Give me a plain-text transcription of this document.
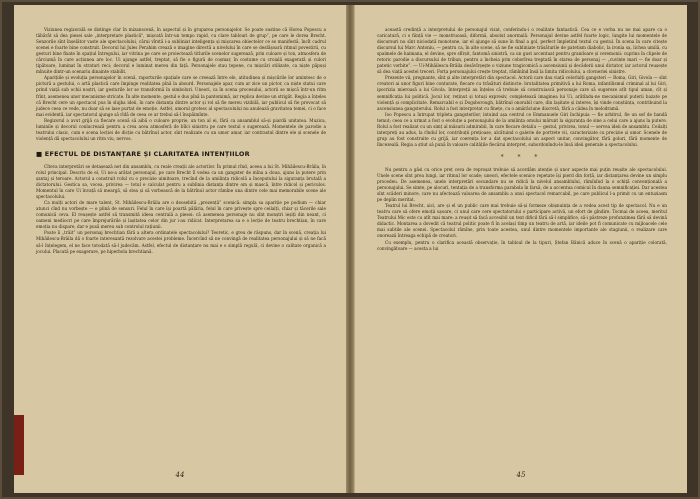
Viziunea regizorală se distinge clar în mizanscenă, în aspectul și în gruparea personajelor. Se poate sustine că Horea Popescu a tăbărât să dea piesei sale „interpretare plastică", mișcată într-un tempo rapid, cu clare tablouri de grup”, pe care le dorea Brecht. Senzorile sînt înșelător vaste ale spectacolului, cărui vîrstă i-a subliniat inteligența și mișcarea obiectelor ce se manifestă, încît cadrul scenei e foarte bine construit. Decorul lui Jules Perahim crează o imagine directă a nivelului în care se desfășoară ritmul povestirii, cu gesturi bine fixate în spațiul întregului, iar vitrina pe care se proiectează titlurile scenelor sugerează, prin culoare și ton, atmosfera de cârciumă în care acțiunea are loc. Ui ajunge astfel, treptat, să fie o figură de coșmar, în costume cu croială exagerată și culori țipătoare, luminat în straturi reci; decorul e luminat mereu din față. Personajele stau țepene, cu mișcări stilizate, ca niște păpuși mînuite dintr-un scenariu dinainte stabilit.

Aparițiile și evoluția personajelor în scenă, raporturile spațiale care se creează între ele, atitudinea și mișcările lor amintesc de o pictură a gestului, o artă plastică care împinge realitatea pînă la absurd. Personajele apar, cum ar zice un pictor, ca niște statui care prind viață sub ochii noștri, iar gesturile lor se transformă în simboluri. Uneori, ca în scena procesului, actorii se mișcă într-un ritm frînt, asemenea unor mecanisme stricate. În alte momente, gestul e dus pînă la pantomimă, iar replica devine un strigăt. Regia a înțeles că Brecht cere un spectacol pus în slujba ideii, în care distanța dintre actor și rol să fie mereu vizibilă, iar publicul să fie provocat să judece ceea ce vede, nu doar să se lase purtat de emoție. Astfel, umorul grotesc al spectacolului nu anulează gravitatea temei, ci o face mai evidentă, iar spectatorul ajunge să rîdă de ceea ce ar trebui să-l înspăimînte.

Regizorul a avut grijă ca fiecare scenă să aibă o culoare proprie, un ton al ei, fără ca ansamblul să-și piardă unitatea. Muzica, luminile și decorul conlucrează pentru a crea acea atmosferă de bîlci sinistru pe care textul o sugerează. Momentele de parodie a teatrului clasic, cum e scena lecției de dicție cu bătrînul actor, sînt realizate cu un umor amar, iar contrastul dintre ele și scenele de violență dă spectacolului un ritm viu, nervos.

■ EFECTUL DE DISTANȚARE ȘI CLARITATEA INTENȚIILOR

Cîteva interpretări se detașează net din ansamblu, cu reale creații ale actorilor. În primul rînd, aceea a lui St. Mihăilescu-Brăila, în rolul principal. Descris de el, Ui ne-a arătat personajul, pe care Brecht îl vedea ca un gangster de mîna a doua, ajuns la putere prin șantaj și teroare. Actorul a construit rolul cu o precizie uimitoare, trecînd de la umilința ridicolă a începutului la siguranța brutală a dictatorului. Gestica sa, vocea, privirea — totul e calculat pentru a sublinia distanța dintre om și mască, între ridicol și periculos. Momentul în care Ui învață să meargă, să stea și să vorbească de la bătrînul actor rămîne una dintre cele mai memorabile scene ale spectacolului.

Ca mulți actori de mare talent, St. Mihăilescu-Brăila are o deosebită „prezență” scenică: simpla sa apariție pe podium — chiar atunci cînd nu vorbește — e plină de sensuri. Felul în care își poartă pălăria, felul în care privește spre ceilalți, chiar și tăcerile sale comunică ceva. El reușește astfel să transmită ideea centrală a piesei: că asemenea personaje nu sînt monștri ieșiți din neant, ci oameni mediocri pe care împrejurările și lașitatea celor din jur i-au ridicat. Interpretarea sa e o lecție de teatru brechtian, în care emoția nu dispare, dar e pusă mereu sub controlul rațiunii.

Poate îi „trăit” un personaj brechtian fără a altera ordinatele spectacolului? Teoretic, e greu de răspuns, dar în scenă, creația lui Mihăilescu-Brăila dă o foarte interesantă rezolvare acestei probleme. Încercînd să ne convingă de realitatea personajului și să ne facă să-l înțelegem, el ne face totodată să-l judecăm. Astfel, efectul de distanțare nu mai e o simplă regulă, ci devine o calitate organică a jocului. Placată pe exagerare, pe hiperbola brechtiană.

44

această credință a interpretului de personajul vizat, conferindu-i o realitate fantastică. Cea ce e vorba nu ne mai apare ca o caricatură, ci o ființă vie — monstruoasă, diformă, absolut anormală. Personajul devine astfel foarte logic, lungite lui momentele de discursuri nu sînt niciodată monotone, iar el ajunge să sune în final a gol, perfect împletind textul cu gestul. În scena în care citește discursul lui Marc Antoniu, — pentru ca, în alte scene, să ne fie subliniate trăsăturile de patetism diabolic, la ironia sa, lichea umilă, cu spaimele de haimana, el devine, spre sfîrșit, fantomă sinistră, ca un gust accentuat pentru grandoare și ceremonii: cuprins în clipele de retoric parodie a discursului de tribun, pentru a încheia prin coborîrea treptată în starea de personaj — „cuvinte mari — fie doar și patetic vorbite”. — Ui-Mihăilescu-Brăila desăvîrșește o viziune tragicomică a ascensiunii și decăderii unui dictator, iar actorul reușește să dea viață acestei treceri. Forța personajului crește treptat, rămînînd însă la limita ridicolului, a clovneriei sinistre.

Prezente vii, pregnante, sînt și alte interpretări din spectacol. Actorii care dau viață celorlalți gangsteri — Roma, Giri, Givola — sînt creatori ai unor figuri bine conturate, fiecare cu trăsături distincte: brutalitatea primitivă a lui Roma, infantilismul criminal al lui Giri, ipocrizia mieroasă a lui Givola. Interpreții au înțeles că trebuie să construiască personaje care să sugereze atît tipul uman, cît și semnificația lui politică. Jocul lor, reținut și totuși expresiv, completează imaginea lui Ui, arătîndu-ne mecanismul puterii bazate pe violență și complicitate. Remarcabil e și Dogsborough, bătrînul onorabil care, din lașitate și interes, își vinde conștiința, contribuind la ascensiunea gangsterului. Rolul a fost interpretat cu finețe, cu o amărăciune discretă, fără a cădea în melodramă.

Ioo Popescu a întrupat tripleta gangsterilor, intuind așa centrul ce Emmanuele Giri închipuia — fie arbitrul, fie un sef de bandă temut; ceea ce a urmat a fost o evoluție a personajului de la umilința omului mărunt la siguranța de sine a celui care a ajuns la putere. Rolul a fost realizat cu un simț al măsurii admirabil, în care fiecare detaliu — gestul, privirea, tonul — servea ideii de ansamblu. Ceilalți interpreți au adus, la rîndul lor, contribuții prețioase, alcătuind o galerie de portrete vii, caracterizate cu precizie și umor. Scenele de grup au fost construite cu grijă, iar coerența lor a dat spectacolului un aspect unitar, convingător, fără goluri, fără momente de lîncezeală. Regia a știut să pună în valoare calitățile fiecărui interpret, subordonîndu-le însă ideii generale a spectacolului.

* * *

Nu pentru a găsi cu orice preț ceva de reproșat trebuie să acordăm atenție și unor aspecte mai puțin reușite ale spectacolului. Unele scene sînt prea lungi, iar ritmul lor scade; uneori, efectele scenice repetate își pierd din forță, iar distanțarea devine un simplu procedeu. De asemenea, unele interpretări secundare nu se ridică la nivelul ansamblului, rămînînd la o schiță convențională a personajului. Se simte, pe alocuri, tentația de a transforma parabola în farsă, de a accentua comicul în dauna semnificației. Dar acestea sînt scăderi minore, care nu afectează valoarea de ansamblu a unui spectacol remarcabil, pe care publicul l-a primit cu un entuziasm pe deplin meritat.

Teatrul lui Brecht, aici, are și el un public care mai trebuie să-și formeze obișnuința de a vedea acest tip de spectacol. Nu e un teatru care să ofere emoții ușoare, ci unul care cere spectatorului o participare activă, un efort de gîndire. Tocmai de aceea, meritul Teatrului Mic este cu atît mai mare: a reușit să facă accesibil un text dificil fără să-l simplifice, să-i păstreze profunzimea fără să devină didactic. Montarea a dovedit că teatrul politic poate fi în același timp un teatru de artă, iar ideile pot fi comunicate cu mijloacele cele mai subtile ale scenei. Spectacolul rămîne, prin toate acestea, unul dintre momentele importante ale stagiunii, o realizare care onorează întreaga echipă de creatori.

Cu exemplu, pentru o clarifica această observație, în tabloul de la tipuri, Ștefan Bănică aduce în scenă o apariție colorată, convingătoare — acesta a lui

45
